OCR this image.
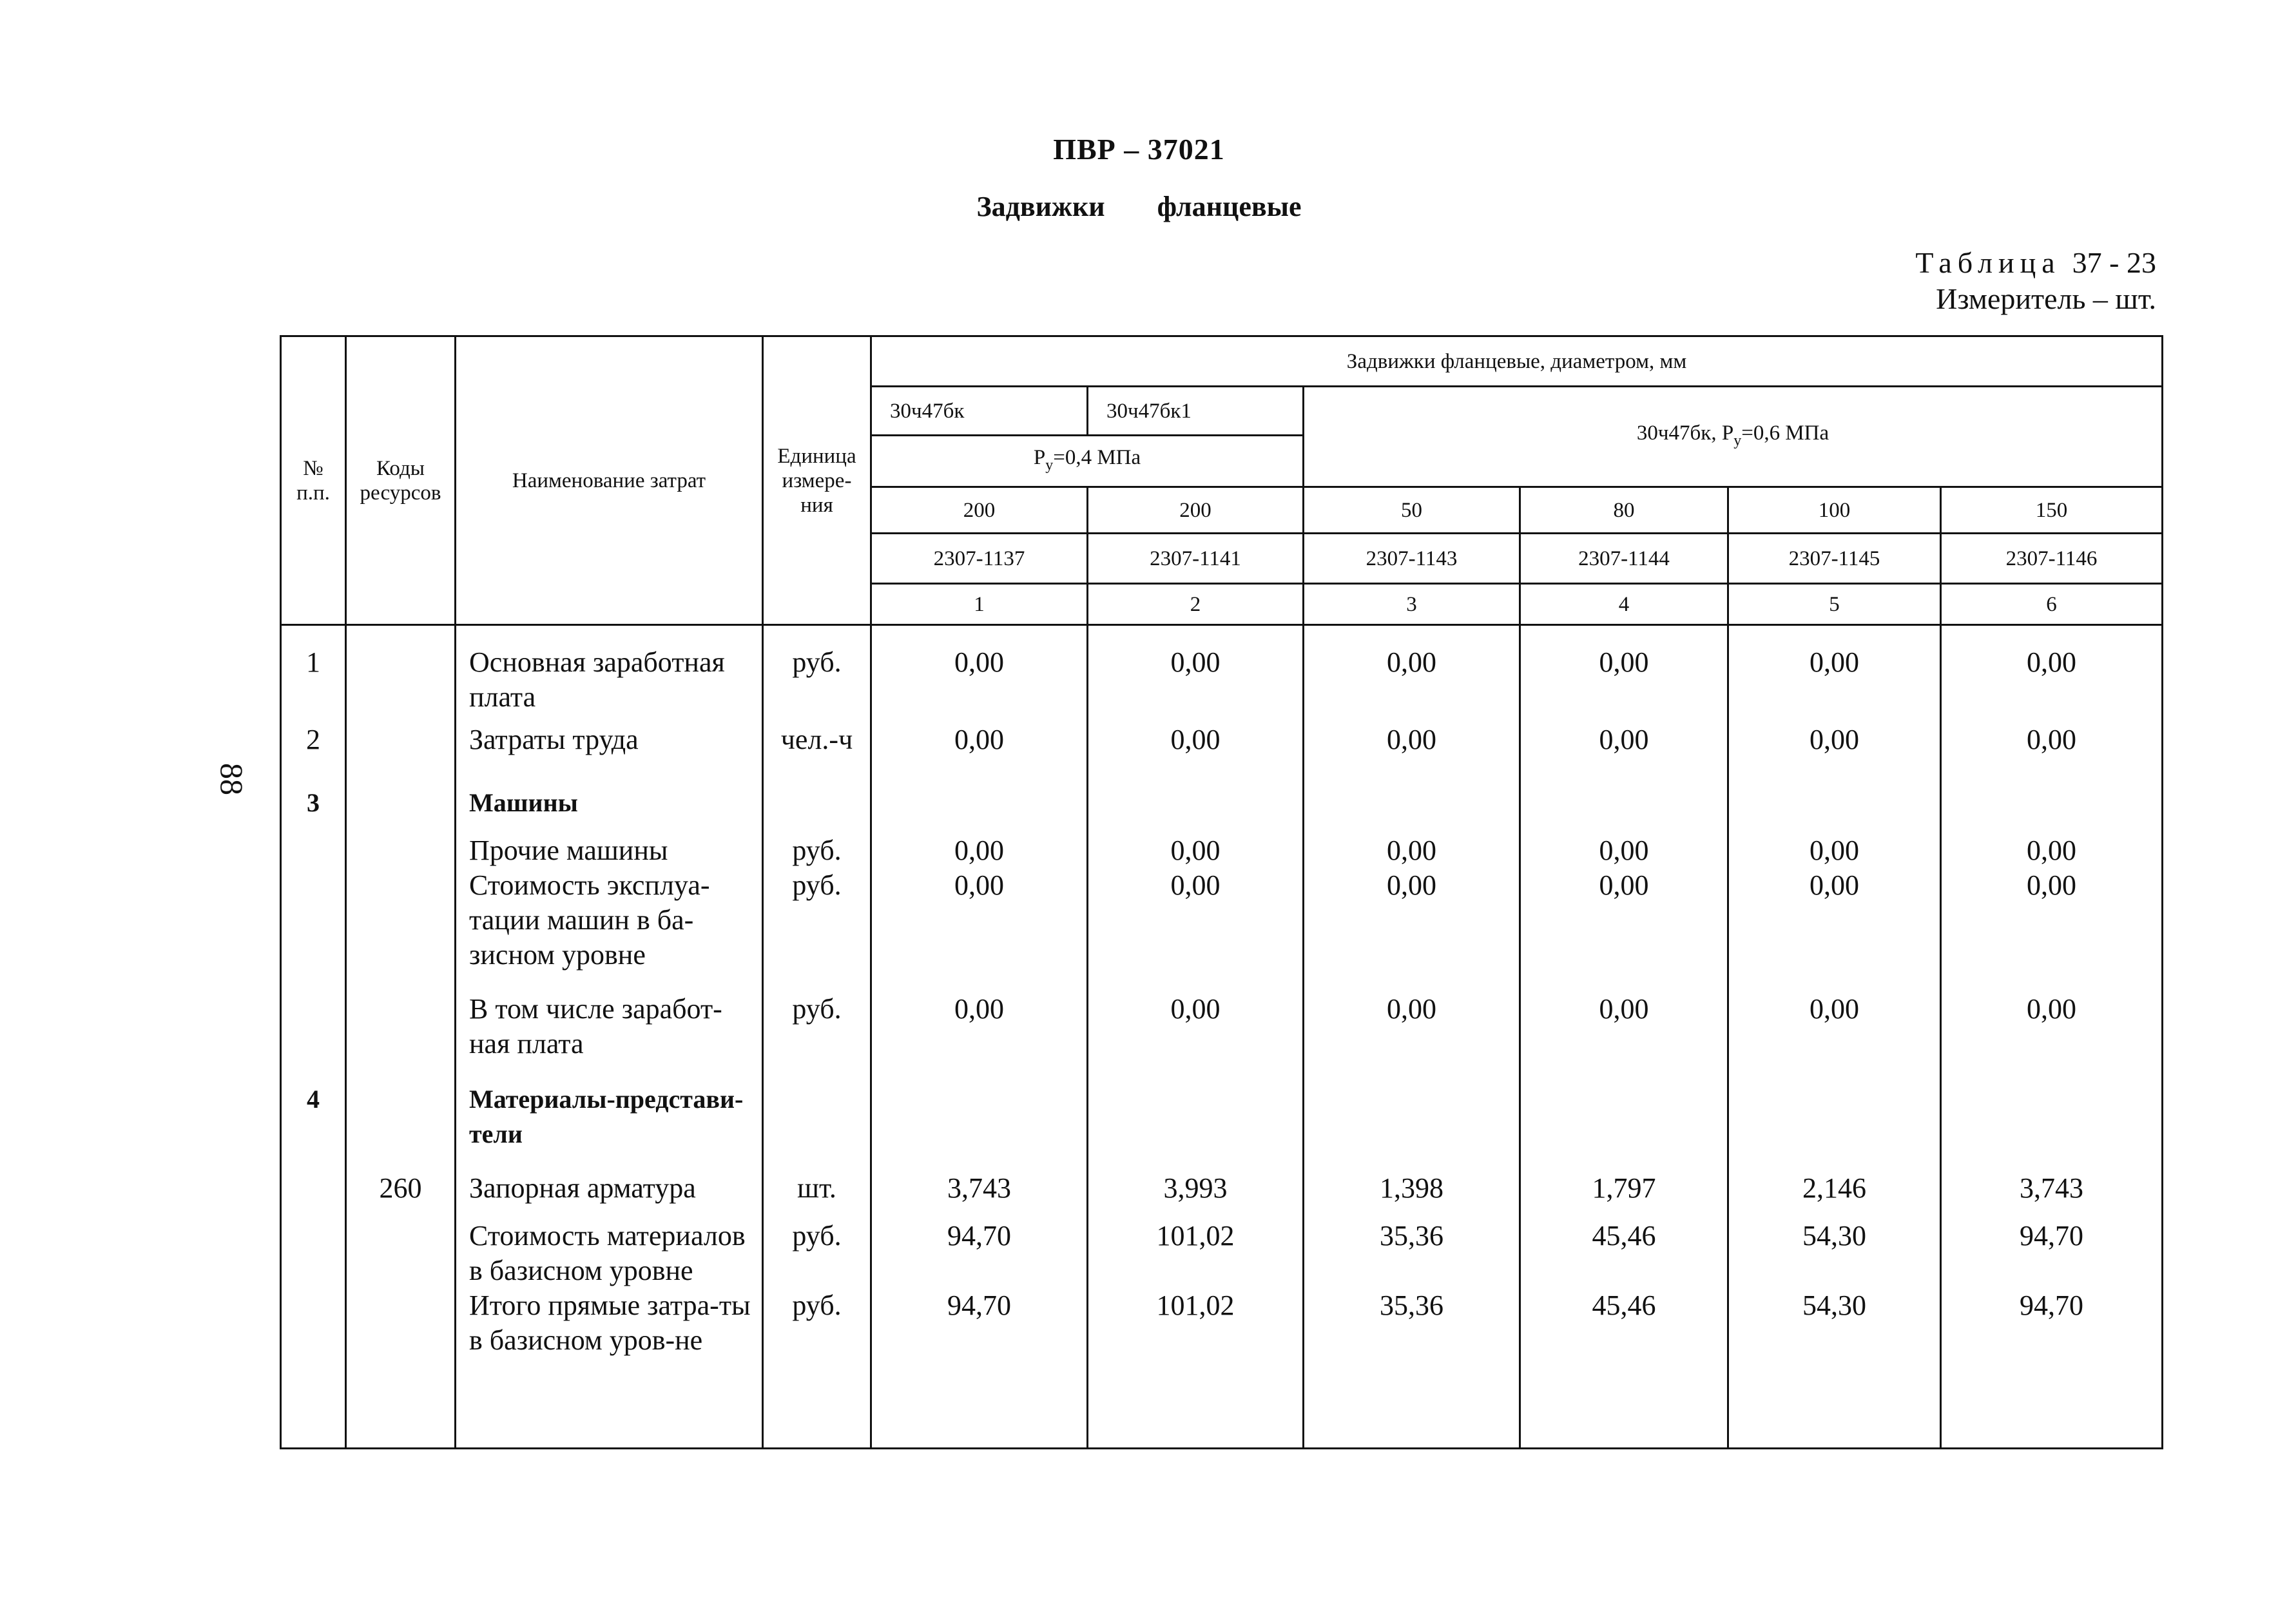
ПВР – 37021
Задвижки фланцевые
Таблица 37 - 23
Измеритель – шт.
88
№ п.п.	Коды ресурсов	Наименование затрат	Единица измере-ния	Задвижки фланцевые, диаметром, мм					
				30ч47бк	30ч47бк1	30ч47бк, $P_у=0,6$ МПа			
				$P_у=0,4$ МПа					
				200	200	50	80	100	150
				2307-1137	2307-1141	2307-1143	2307-1144	2307-1145	2307-1146
				1	2	3	4	5	6
1		Основная заработная плата	руб.	0,00	0,00	0,00	0,00	0,00	0,00
2		Затраты труда	чел.-ч	0,00	0,00	0,00	0,00	0,00	0,00
3		Машины							
		Прочие машины	руб.	0,00	0,00	0,00	0,00	0,00	0,00
		Стоимость эксплуа-тации машин в ба-зисном уровне	руб.	0,00	0,00	0,00	0,00	0,00	0,00
		В том числе заработ-ная плата	руб.	0,00	0,00	0,00	0,00	0,00	0,00
4		Материалы-представи-тели							
	260	Запорная арматура	шт.	3,743	3,993	1,398	1,797	2,146	3,743
		Стоимость материалов в базисном уровне	руб.	94,70	101,02	35,36	45,46	54,30	94,70
		Итого прямые затра-ты в базисном уров-не	руб.	94,70	101,02	35,36	45,46	54,30	94,70
